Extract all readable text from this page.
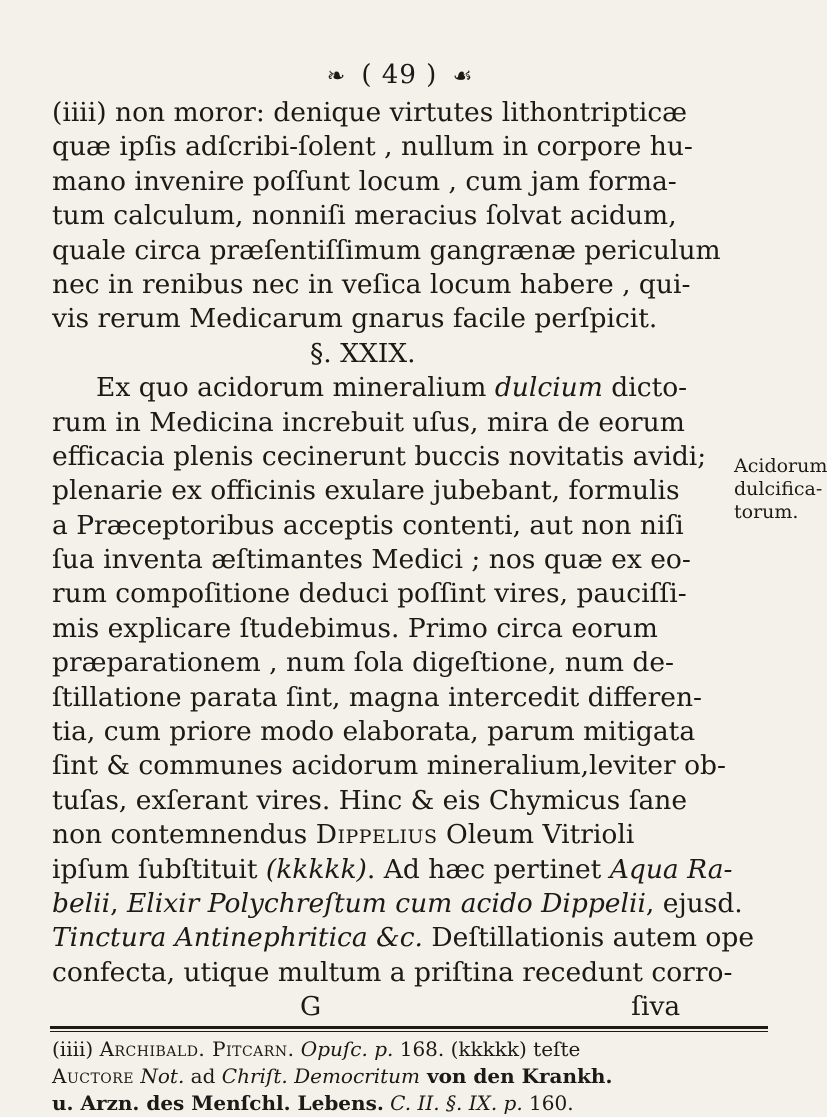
❧ ( 49 ) ☙
(iiii) non moror: denique virtutes lithontripticæ
quæ ipſis adſcribi-ſolent , nullum in corpore hu-
mano invenire poſſunt locum , cum jam forma-
tum calculum, nonniſi meracius ſolvat acidum,
quale circa præſentiſſimum gangrænæ periculum
nec in renibus nec in veſica locum habere , qui-
vis rerum Medicarum gnarus facile perſpicit.
§. XXIX.
Ex quo acidorum mineralium dulcium dicto-
rum in Medicina increbuit uſus, mira de eorum
efficacia plenis cecinerunt buccis novitatis avidi;
plenarie ex officinis exulare jubebant, formulis
a Præceptoribus acceptis contenti, aut non niſi
ſua inventa æſtimantes Medici ; nos quæ ex eo-
rum compoſitione deduci poſſint vires, pauciſſi-
mis explicare ſtudebimus. Primo circa eorum
præparationem , num ſola digeſtione, num de-
ſtillatione parata ſint, magna intercedit differen-
tia, cum priore modo elaborata, parum mitigata
ſint & communes acidorum mineralium,leviter ob-
tuſas, exſerant vires. Hinc & eis Chymicus ſane
non contemnendus Dippelius Oleum Vitrioli
ipſum ſubſtituit (kkkkk). Ad hæc pertinet Aqua Ra-
belii, Elixir Polychreſtum cum acido Dippelii, ejusd.
Tinctura Antinephritica &c. Deſtillationis autem ope
confecta, utique multum a priſtina recedunt corro-
G	ſiva
Acidorum
dulcifica-
torum.
(iiii) Archibald. Pitcarn. Opuſc. p. 168. (kkkkk) teſte
Auctore Not. ad Chriſt. Democritum von den Krankh.
u. Arzn. des Menſchl. Lebens. C. II. §. IX. p. 160.
